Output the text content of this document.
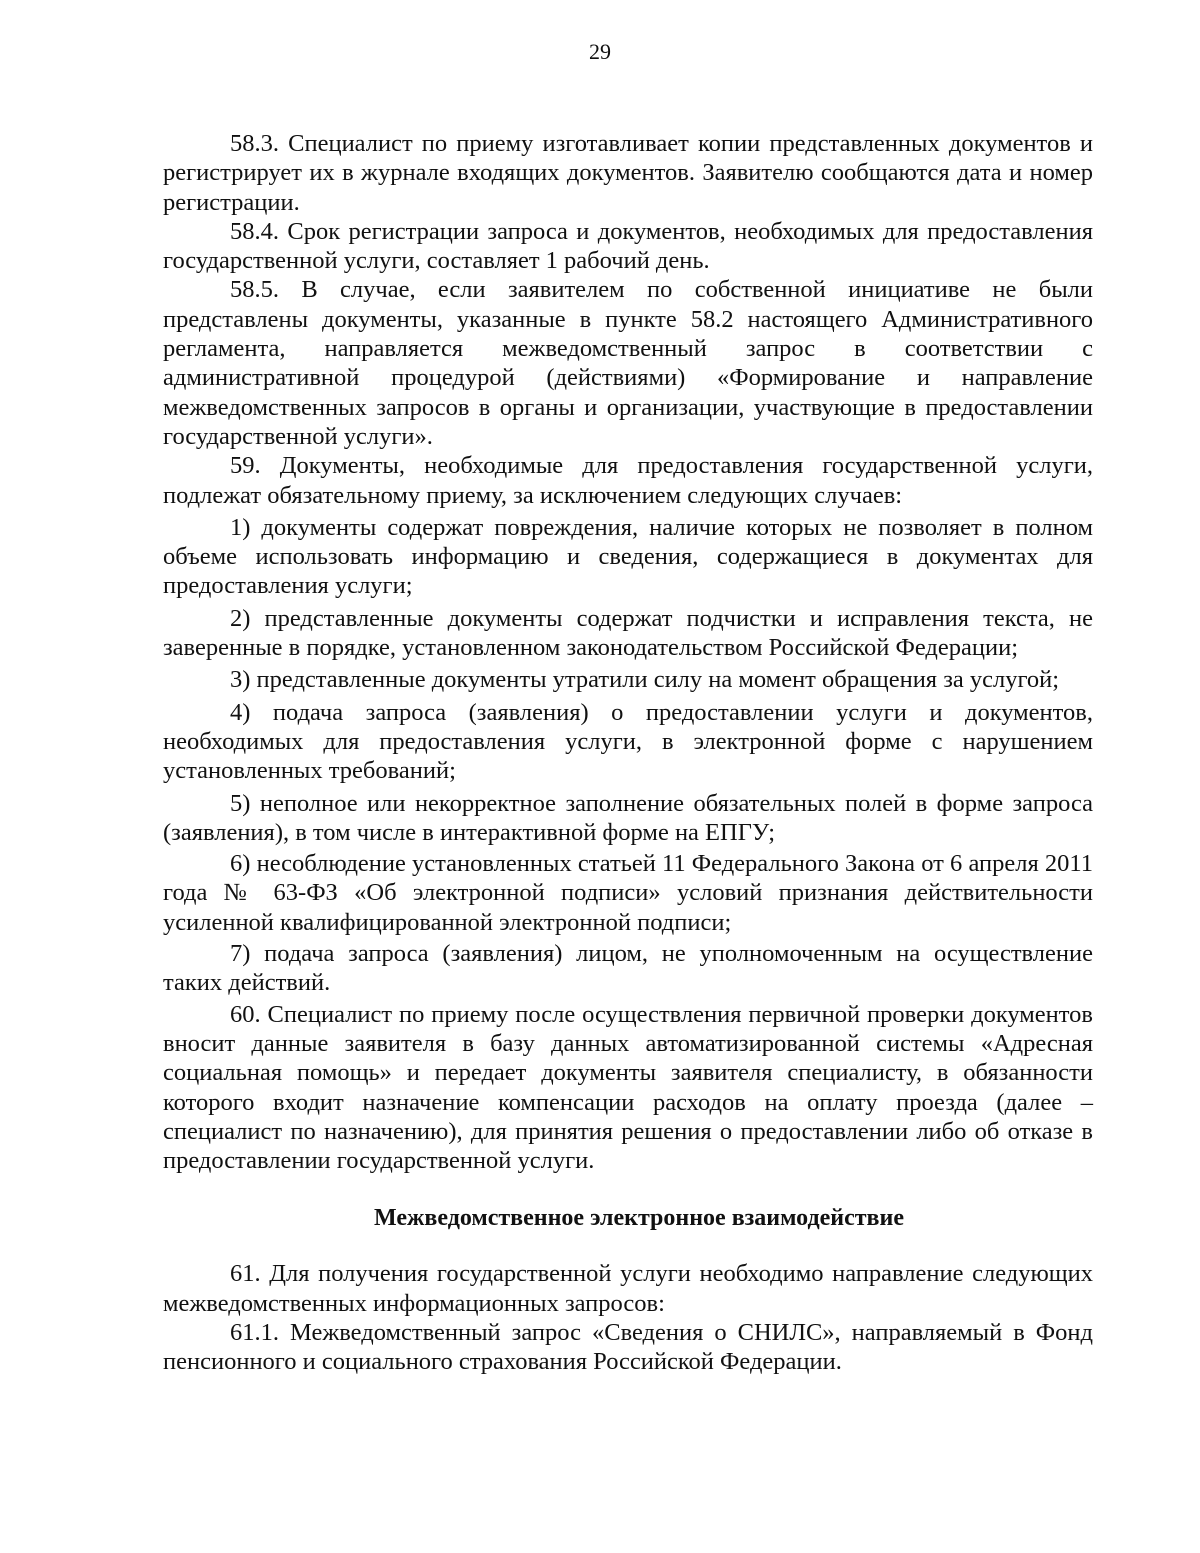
29

58.3. Специалист по приему изготавливает копии представленных документов и регистрирует их в журнале входящих документов. Заявителю сообщаются дата и номер регистрации.

58.4. Срок регистрации запроса и документов, необходимых для предоставления государственной услуги, составляет 1 рабочий день.

58.5. В случае, если заявителем по собственной инициативе не были представлены документы, указанные в пункте 58.2 настоящего Административного регламента, направляется межведомственный запрос в соответствии с административной процедурой (действиями) «Формирование и направление межведомственных запросов в органы и организации, участвующие в предоставлении государственной услуги».

59. Документы, необходимые для предоставления государственной услуги, подлежат обязательному приему, за исключением следующих случаев:

1) документы содержат повреждения, наличие которых не позволяет в полном объеме использовать информацию и сведения, содержащиеся в документах для предоставления услуги;

2) представленные документы содержат подчистки и исправления текста, не заверенные в порядке, установленном законодательством Российской Федерации;

3) представленные документы утратили силу на момент обращения за услугой;

4) подача запроса (заявления) о предоставлении услуги и документов, необходимых для предоставления услуги, в электронной форме с нарушением установленных требований;

5) неполное или некорректное заполнение обязательных полей в форме запроса (заявления), в том числе в интерактивной форме на ЕПГУ;

6) несоблюдение установленных статьей 11 Федерального Закона от 6 апреля 2011 года № 63-ФЗ «Об электронной подписи» условий признания действительности усиленной квалифицированной электронной подписи;

7) подача запроса (заявления) лицом, не уполномоченным на осуществление таких действий.

60. Специалист по приему после осуществления первичной проверки документов вносит данные заявителя в базу данных автоматизированной системы «Адресная социальная помощь» и передает документы заявителя специалисту, в обязанности которого входит назначение компенсации расходов на оплату проезда (далее – специалист по назначению), для принятия решения о предоставлении либо об отказе в предоставлении государственной услуги.

Межведомственное электронное взаимодействие

61. Для получения государственной услуги необходимо направление следующих межведомственных информационных запросов:

61.1. Межведомственный запрос «Сведения о СНИЛС», направляемый в Фонд пенсионного и социального страхования Российской Федерации.
